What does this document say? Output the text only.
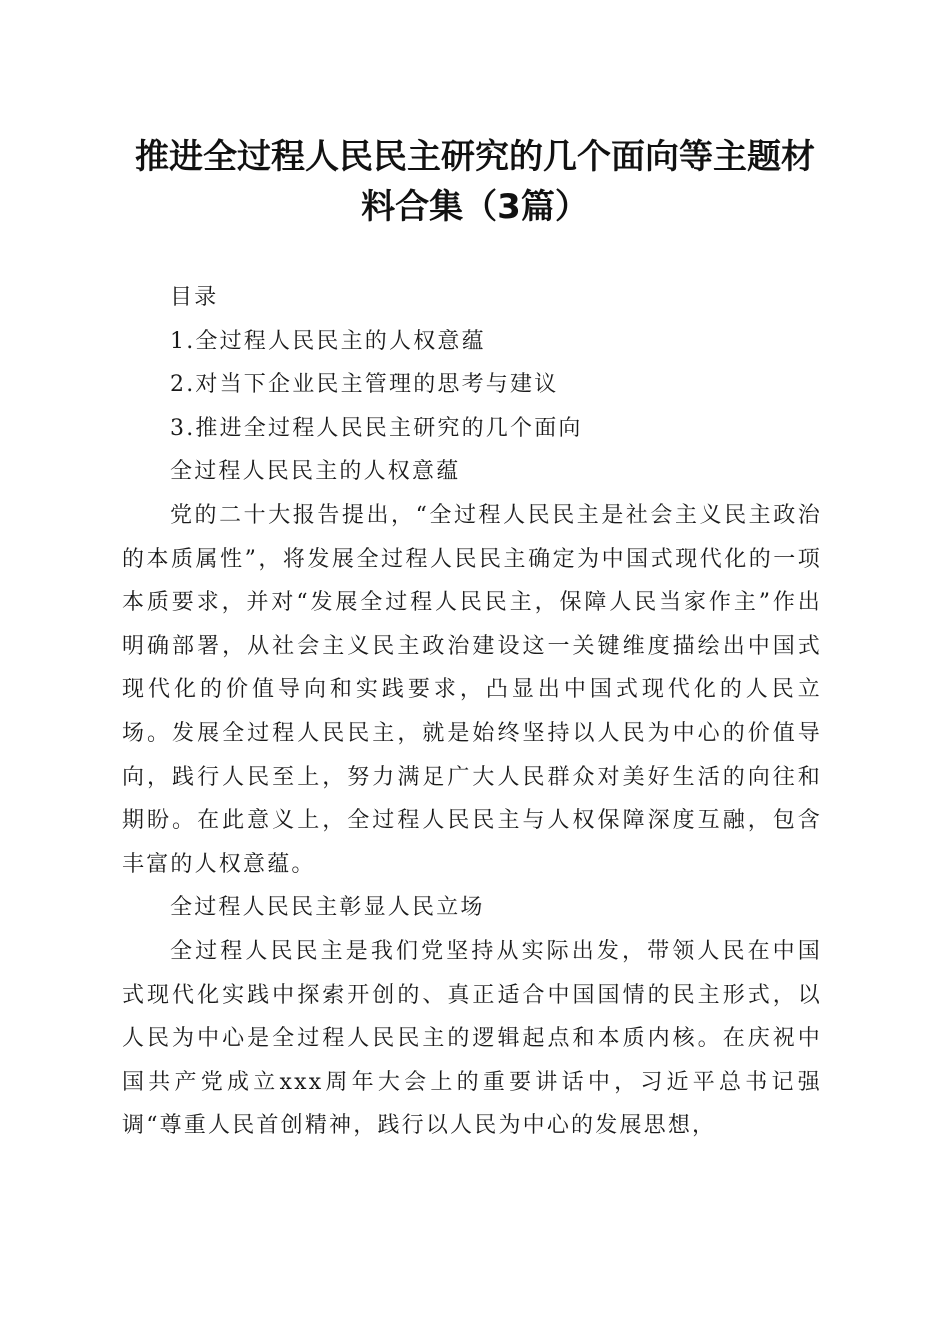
推进全过程人民民主研究的几个面向等主题材
料合集（3篇）

目录

1.全过程人民民主的人权意蕴

2.对当下企业民主管理的思考与建议

3.推进全过程人民民主研究的几个面向

全过程人民民主的人权意蕴

党的二十大报告提出，“全过程人民民主是社会主义民主政治的本质属性”，将发展全过程人民民主确定为中国式现代化的一项本质要求，并对“发展全过程人民民主，保障人民当家作主”作出明确部署，从社会主义民主政治建设这一关键维度描绘出中国式现代化的价值导向和实践要求，凸显出中国式现代化的人民立场。发展全过程人民民主，就是始终坚持以人民为中心的价值导向，践行人民至上，努力满足广大人民群众对美好生活的向往和期盼。在此意义上，全过程人民民主与人权保障深度互融，包含丰富的人权意蕴。

全过程人民民主彰显人民立场

全过程人民民主是我们党坚持从实际出发，带领人民在中国式现代化实践中探索开创的、真正适合中国国情的民主形式，以人民为中心是全过程人民民主的逻辑起点和本质内核。在庆祝中国共产党成立xxx周年大会上的重要讲话中，习近平总书记强调“尊重人民首创精神，践行以人民为中心的发展思想，
